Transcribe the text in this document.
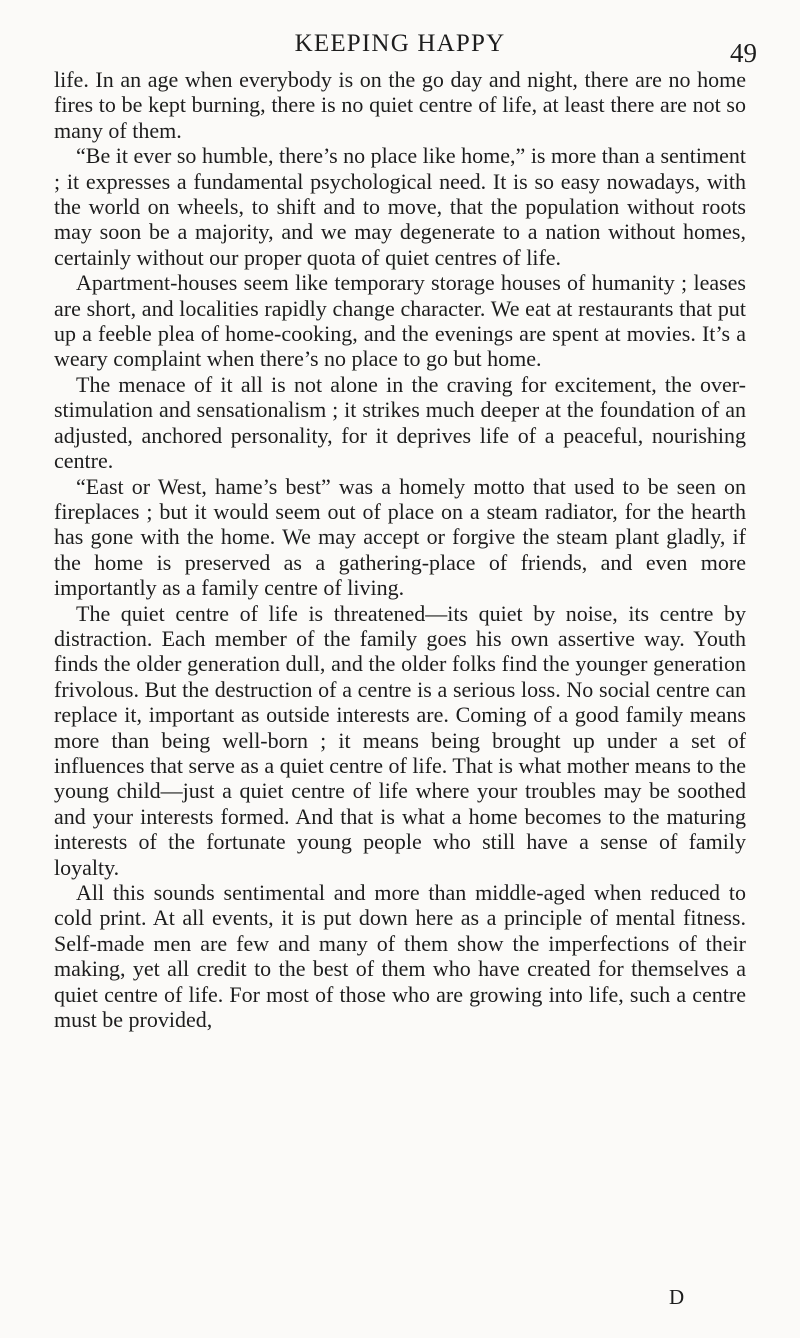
KEEPING HAPPY	49

life. In an age when everybody is on the go day and night, there are no home fires to be kept burning, there is no quiet centre of life, at least there are not so many of them.

“Be it ever so humble, there’s no place like home,” is more than a sentiment ; it expresses a fundamental psychological need. It is so easy nowadays, with the world on wheels, to shift and to move, that the population without roots may soon be a majority, and we may degenerate to a nation without homes, certainly without our proper quota of quiet centres of life.

Apartment-houses seem like temporary storage houses of humanity ; leases are short, and localities rapidly change character. We eat at restaurants that put up a feeble plea of home-cooking, and the evenings are spent at movies. It’s a weary complaint when there’s no place to go but home.

The menace of it all is not alone in the craving for excitement, the over-stimulation and sensationalism ; it strikes much deeper at the foundation of an adjusted, anchored personality, for it deprives life of a peaceful, nourishing centre.

“East or West, hame’s best” was a homely motto that used to be seen on fireplaces ; but it would seem out of place on a steam radiator, for the hearth has gone with the home. We may accept or forgive the steam plant gladly, if the home is preserved as a gathering-place of friends, and even more importantly as a family centre of living.

The quiet centre of life is threatened—its quiet by noise, its centre by distraction. Each member of the family goes his own assertive way. Youth finds the older generation dull, and the older folks find the younger generation frivolous. But the destruction of a centre is a serious loss. No social centre can replace it, important as outside interests are. Coming of a good family means more than being well-born ; it means being brought up under a set of influences that serve as a quiet centre of life. That is what mother means to the young child—just a quiet centre of life where your troubles may be soothed and your interests formed. And that is what a home becomes to the maturing interests of the fortunate young people who still have a sense of family loyalty.

All this sounds sentimental and more than middle-aged when reduced to cold print. At all events, it is put down here as a principle of mental fitness. Self-made men are few and many of them show the imperfections of their making, yet all credit to the best of them who have created for themselves a quiet centre of life. For most of those who are growing into life, such a centre must be provided,

D
